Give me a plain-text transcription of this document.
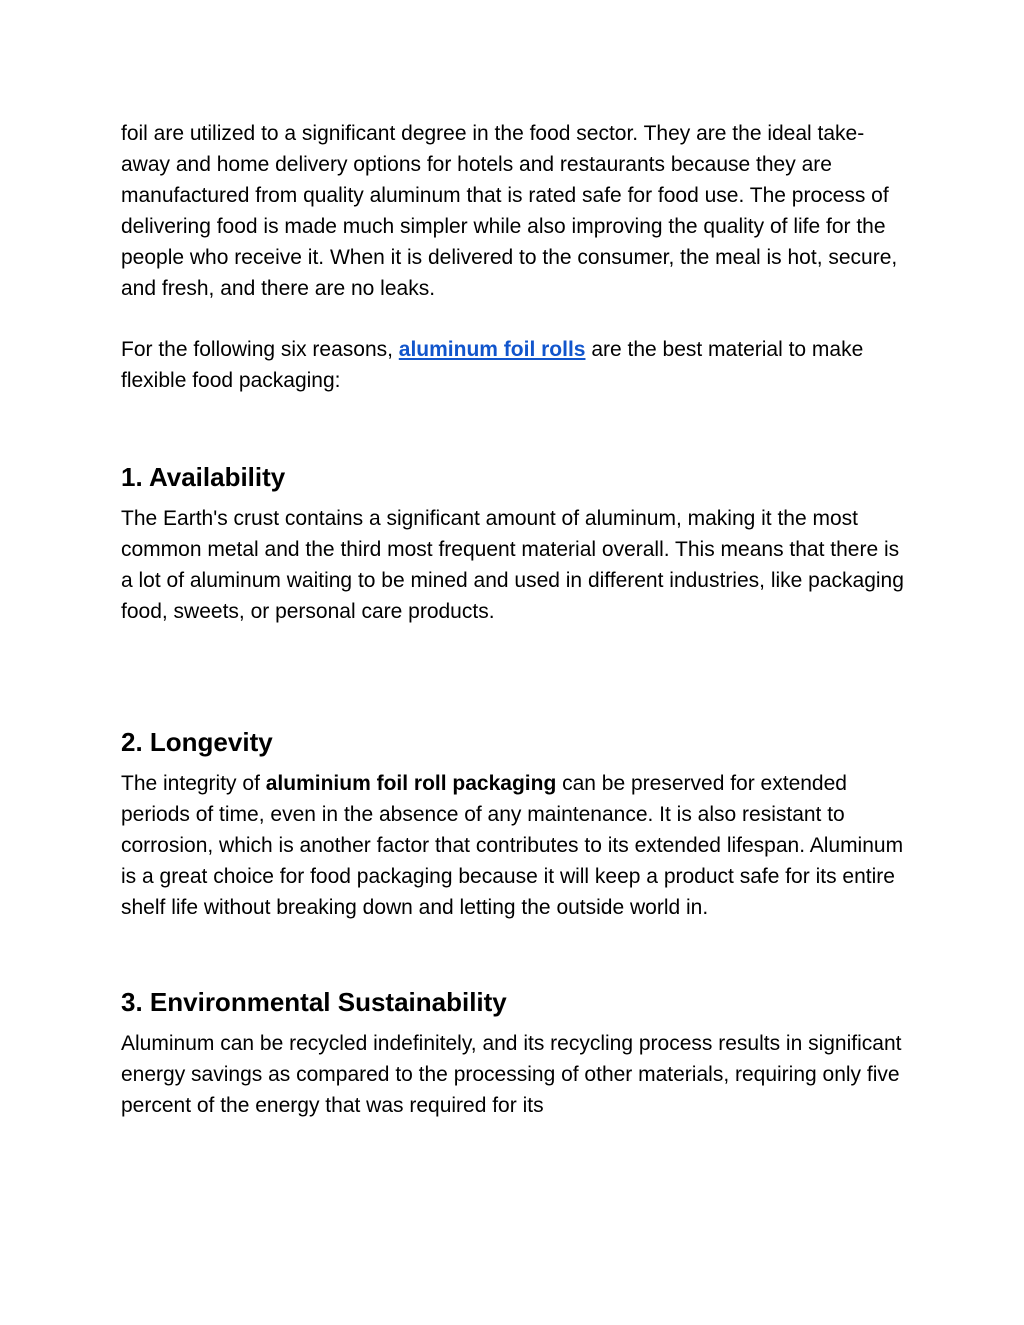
foil are utilized to a significant degree in the food sector. They are the ideal take-away and home delivery options for hotels and restaurants because they are manufactured from quality aluminum that is rated safe for food use. The process of delivering food is made much simpler while also improving the quality of life for the people who receive it. When it is delivered to the consumer, the meal is hot, secure, and fresh, and there are no leaks.

For the following six reasons, aluminum foil rolls are the best material to make flexible food packaging:

1. Availability

The Earth's crust contains a significant amount of aluminum, making it the most common metal and the third most frequent material overall. This means that there is a lot of aluminum waiting to be mined and used in different industries, like packaging food, sweets, or personal care products.

2. Longevity

The integrity of aluminium foil roll packaging can be preserved for extended periods of time, even in the absence of any maintenance. It is also resistant to corrosion, which is another factor that contributes to its extended lifespan. Aluminum is a great choice for food packaging because it will keep a product safe for its entire shelf life without breaking down and letting the outside world in.

3. Environmental Sustainability

Aluminum can be recycled indefinitely, and its recycling process results in significant energy savings as compared to the processing of other materials, requiring only five percent of the energy that was required for its
